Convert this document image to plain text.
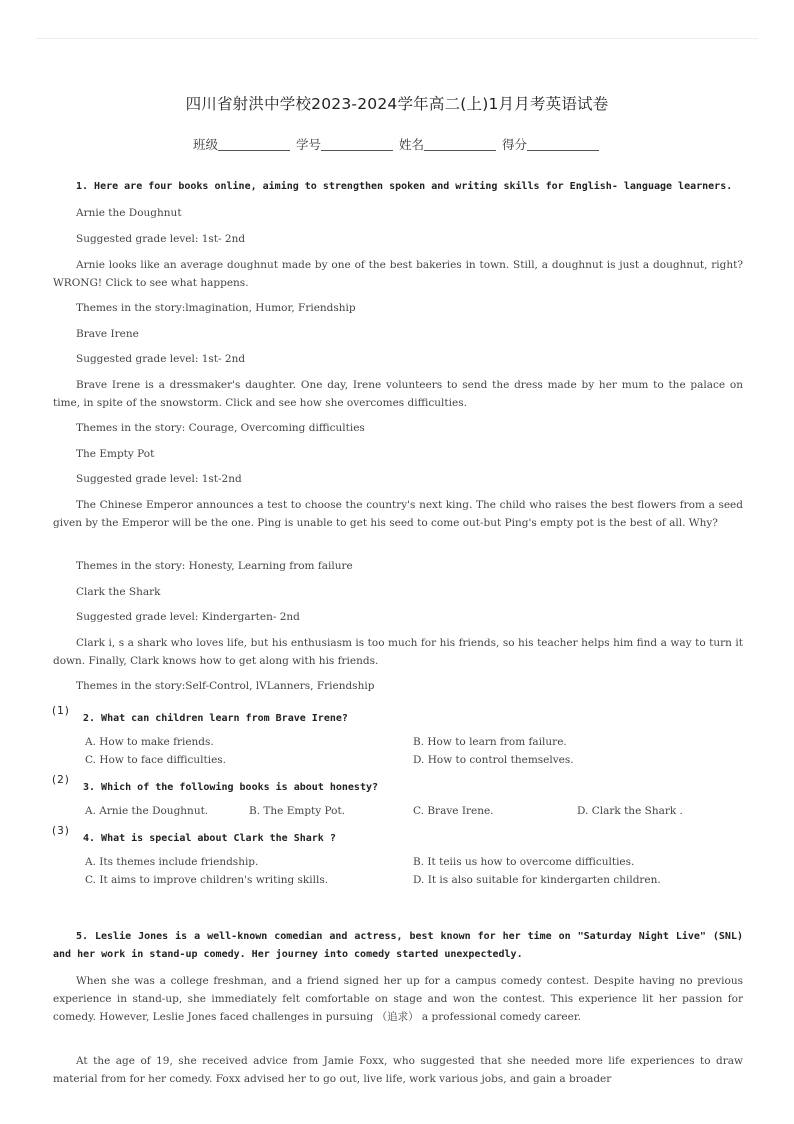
四川省射洪中学校2023-2024学年高二(上)1月月考英语试卷
班级	学号	姓名	得分
1. Here are four books online, aiming to strengthen spoken and writing skills for English- language learners.
Arnie the Doughnut
Suggested grade level: 1st- 2nd
Arnie looks like an average doughnut made by one of the best bakeries in town. Still, a doughnut is just a doughnut, right? WRONG! Click to see what happens.
Themes in the story:lmagination, Humor, Friendship
Brave Irene
Suggested grade level: 1st- 2nd
Brave Irene is a dressmaker's daughter. One day, Irene volunteers to send the dress made by her mum to the palace on time, in spite of the snowstorm. Click and see how she overcomes difficulties.
Themes in the story: Courage, Overcoming difficulties
The Empty Pot
Suggested grade level: 1st-2nd
The Chinese Emperor announces a test to choose the country's next king. The child who raises the best flowers from a seed given by the Emperor will be the one. Ping is unable to get his seed to come out-but Ping's empty pot is the best of all. Why?
Themes in the story: Honesty, Learning from failure
Clark the Shark
Suggested grade level: Kindergarten- 2nd
Clark i, s a shark who loves life, but his enthusiasm is too much for his friends, so his teacher helps him find a way to turn it down. Finally, Clark knows how to get along with his friends.
Themes in the story:Self-Control, lVLanners, Friendship
(1)
2. What can children learn from Brave Irene?
A. How to make friends.	B. How to learn from failure.
C. How to face difficulties.	D. How to control themselves.
(2)
3. Which of the following books is about honesty?
A. Arnie the Doughnut.	B. The Empty Pot.	C. Brave Irene.	D. Clark the Shark .
(3)
4. What is special about Clark the Shark ?
A. Its themes include friendship.	B. It teiis us how to overcome difficulties.
C. It aims to improve children's writing skills.	D. It is also suitable for kindergarten children.
5. Leslie Jones is a well-known comedian and actress, best known for her time on "Saturday Night Live" (SNL) and her work in stand-up comedy. Her journey into comedy started unexpectedly.
When she was a college freshman, and a friend signed her up for a campus comedy contest. Despite having no previous experience in stand-up, she immediately felt comfortable on stage and won the contest. This experience lit her passion for comedy. However, Leslie Jones faced challenges in pursuing （追求） a professional comedy career.
At the age of 19, she received advice from Jamie Foxx, who suggested that she needed more life experiences to draw material from for her comedy. Foxx advised her to go out, live life, work various jobs, and gain a broader
